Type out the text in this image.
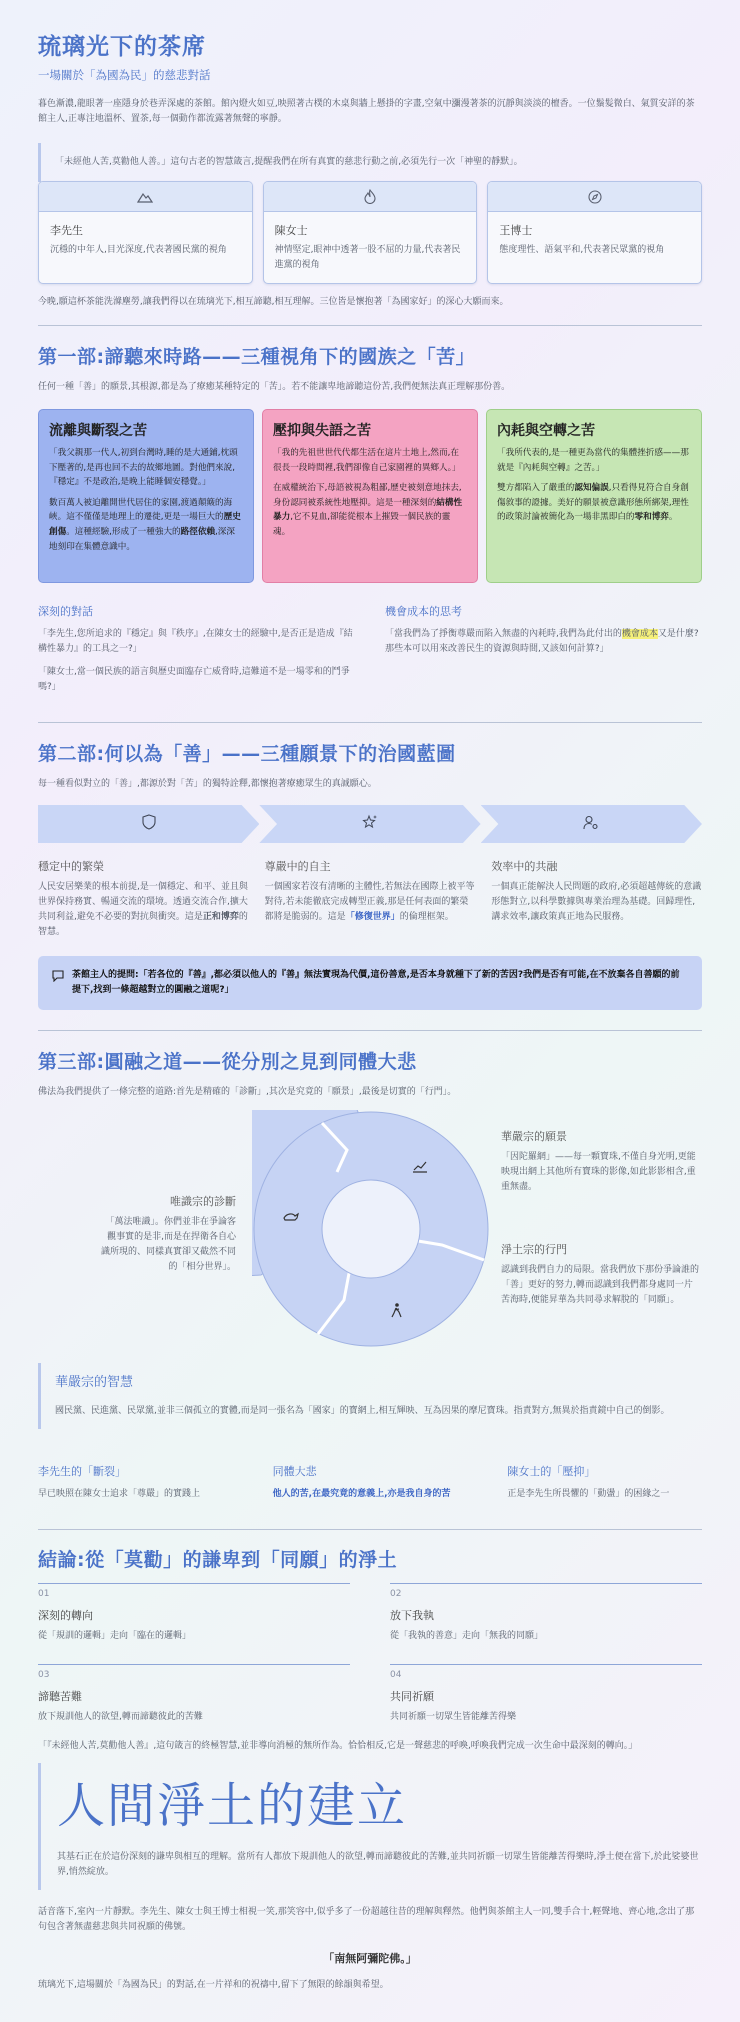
琉璃光下的茶席
一場關於「為國為民」的慈悲對話
暮色漸濃,龍眼著一座隱身於巷弄深處的茶館。館內燈火如豆,映照著古樸的木桌與牆上懸掛的字畫,空氣中瀰漫著茶的沉靜與淡淡的檀香。一位鬚髮微白、氣質安詳的茶館主人,正專注地溫杯、置茶,每一個動作都流露著無聲的寧靜。
「未經他人苦,莫勸他人善。」這句古老的智慧箴言,提醒我們在所有真實的慈悲行動之前,必須先行一次「神聖的靜默」。
李先生
沉穩的中年人,目光深度,代表著國民黨的視角
陳女士
神情堅定,眼神中透著一股不屈的力量,代表著民進黨的視角
王博士
態度理性、語氣平和,代表著民眾黨的視角
今晚,願這杯茶能洗滌塵勞,讓我們得以在琉璃光下,相互諦聽,相互理解。三位皆是懷抱著「為國家好」的深心大願而來。
第一部:諦聽來時路——三種視角下的國族之「苦」
任何一種「善」的願景,其根源,都是為了療癒某種特定的「苦」。若不能讓卑地諦聽這份苦,我們便無法真正理解那份善。
流離與斷裂之苦
「我父親那一代人,初到台灣時,睡的是大通鋪,枕頭下壓著的,是再也回不去的故鄉地圖。對他們來說,『穩定』不是政治,是晚上能睡個安穩覺。」
數百萬人被迫離開世代居住的家園,渡過顛簸的海峽。這不僅僅是地理上的遷徙,更是一場巨大的歷史創傷。這種經驗,形成了一種強大的路徑依賴,深深地刻印在集體意識中。
壓抑與失語之苦
「我的先祖世世代代都生活在這片土地上,然而,在很長一段時間裡,我們卻像自己家園裡的異鄉人。」
在威權統治下,母語被視為粗鄙,歷史被刻意地抹去,身份認同被系統性地壓抑。這是一種深刻的結構性暴力,它不見血,卻能從根本上摧毀一個民族的靈魂。
內耗與空轉之苦
「我所代表的,是一種更為當代的集體挫折感——那就是『內耗與空轉』之苦。」
雙方都陷入了嚴重的認知偏誤,只看得見符合自身創傷敘事的證據。美好的願景被意識形態所綁架,理性的政策討論被簡化為一場非黑即白的零和博弈。
深刻的對話
「李先生,您所追求的『穩定』與『秩序』,在陳女士的經驗中,是否正是造成『結構性暴力』的工具之一?」
「陳女士,當一個民族的語言與歷史面臨存亡威脅時,這難道不是一場零和的鬥爭嗎?」
機會成本的思考
「當我們為了掙衡尊嚴而陷入無盡的內耗時,我們為此付出的機會成本又是什麼?那些本可以用來改善民生的資源與時間,又該如何計算?」
第二部:何以為「善」——三種願景下的治國藍圖
每一種看似對立的「善」,都源於對「苦」的獨特詮釋,都懷抱著療癒眾生的真誠願心。
穩定中的繁榮
人民安居樂業的根本前提,是一個穩定、和平、並且與世界保持務實、暢通交流的環境。透過交流合作,擴大共同利益,避免不必要的對抗與衝突。這是正和博弈的智慧。
尊嚴中的自主
一個國家若沒有清晰的主體性,若無法在國際上被平等對待,若未能徹底完成轉型正義,那是任何表面的繁榮都將是脆弱的。這是「修復世界」的倫理框架。
效率中的共融
一個真正能解決人民問題的政府,必須超越傳統的意識形態對立,以科學數據與專業治理為基礎。回歸理性,講求效率,讓政策真正地為民服務。
茶館主人的提問:「若各位的『善』,都必須以他人的『善』無法實現為代價,這份善意,是否本身就種下了新的苦因?我們是否有可能,在不放棄各自善願的前提下,找到一條超越對立的圓融之道呢?」
第三部:圓融之道——從分別之見到同體大悲
佛法為我們提供了一條完整的道路:首先是精確的「診斷」,其次是究竟的「願景」,最後是切實的「行門」。
唯識宗的診斷
「萬法唯識」。你們並非在爭論客觀事實的是非,而是在捍衛各自心識所現的、同樣真實卻又截然不同的「相分世界」。
華嚴宗的願景
「因陀羅網」——每一顆寶珠,不僅自身光明,更能映現出網上其他所有寶珠的影像,如此影影相含,重重無盡。
淨土宗的行門
認識到我們自力的局限。當我們放下那份爭論誰的「善」更好的努力,轉而認識到我們都身處同一片苦海時,便能昇華為共同尋求解脫的「同願」。
華嚴宗的智慧
國民黨、民進黨、民眾黨,並非三個孤立的實體,而是同一張名為「國家」的寶網上,相互輝映、互為因果的摩尼寶珠。指責對方,無異於指責鏡中自己的倒影。
李先生的「斷裂」
早已映照在陳女士追求「尊嚴」的實踐上
同體大悲
他人的苦,在最究竟的意義上,亦是我自身的苦
陳女士的「壓抑」
正是李先生所畏懼的「動盪」的困緣之一
結論:從「莫勸」的謙卑到「同願」的淨土
01
深刻的轉向
從「規訓的邏輯」走向「臨在的邏輯」
02
放下我執
從「我執的善意」走向「無我的同願」
03
諦聽苦難
放下規訓他人的欲望,轉而諦聽彼此的苦難
04
共同祈願
共同祈願一切眾生皆能離苦得樂
「『未經他人苦,莫勸他人善』,這句箴言的終極智慧,並非導向消極的無所作為。恰恰相反,它是一聲慈悲的呼喚,呼喚我們完成一次生命中最深刻的轉向。」
人間淨土的建立
其基石正在於這份深刻的謙卑與相互的理解。當所有人都放下規訓他人的欲望,轉而諦聽彼此的苦難,並共同祈願一切眾生皆能離苦得樂時,淨土便在當下,於此娑婆世界,悄然綻放。
話音落下,室內一片靜默。李先生、陳女士與王博士相視一笑,那笑容中,似乎多了一份超越往昔的理解與釋然。他們與茶館主人一同,雙手合十,輕聲地、齊心地,念出了那句包含著無盡慈悲與共同祝願的佛號。
「南無阿彌陀佛。」
琉璃光下,這場關於「為國為民」的對話,在一片祥和的祝禱中,留下了無限的餘韻與希望。
